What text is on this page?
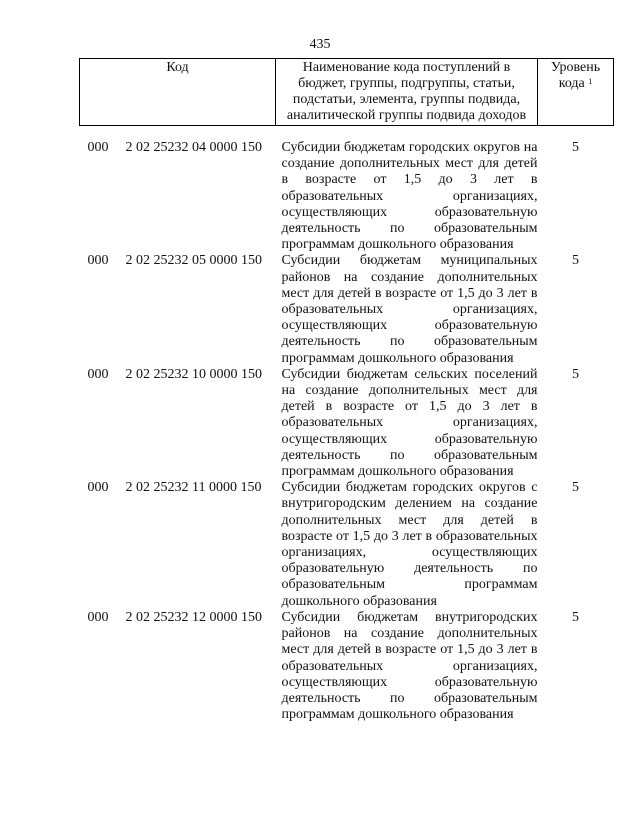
435
Код	Наименование кода поступлений в бюджет, группы, подгруппы, статьи, подстатьи, элемента, группы подвида, аналитической группы подвида доходов	Уровень кода $^1$

000 2 02 25232 04 0000 150	Субсидии бюджетам городских округов на создание дополнительных мест для детей в возрасте от 1,5 до 3 лет в образовательных организациях, осуществляющих образовательную деятельность по образовательным программам дошкольного образования	5
000 2 02 25232 05 0000 150	Субсидии бюджетам муниципальных районов на создание дополнительных мест для детей в возрасте от 1,5 до 3 лет в образовательных организациях, осуществляющих образовательную деятельность по образовательным программам дошкольного образования	5
000 2 02 25232 10 0000 150	Субсидии бюджетам сельских поселений на создание дополнительных мест для детей в возрасте от 1,5 до 3 лет в образовательных организациях, осуществляющих образовательную деятельность по образовательным программам дошкольного образования	5
000 2 02 25232 11 0000 150	Субсидии бюджетам городских округов с внутригородским делением на создание дополнительных мест для детей в возрасте от 1,5 до 3 лет в образовательных организациях, осуществляющих образовательную деятельность по образовательным программам дошкольного образования	5
000 2 02 25232 12 0000 150	Субсидии бюджетам внутригородских районов на создание дополнительных мест для детей в возрасте от 1,5 до 3 лет в образовательных организациях, осуществляющих образовательную деятельность по образовательным программам дошкольного образования	5
